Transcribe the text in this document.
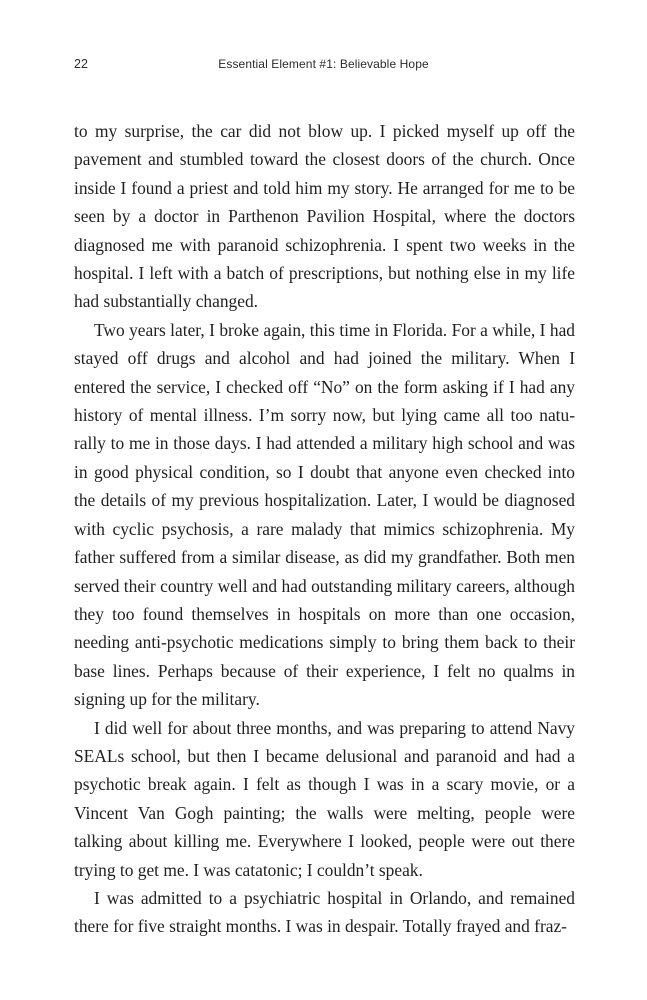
22	Essential Element #1: Believable Hope

to my surprise, the car did not blow up. I picked myself up off the pavement and stumbled toward the closest doors of the church. Once inside I found a priest and told him my story. He arranged for me to be seen by a doctor in Parthenon Pavilion Hospital, where the doctors diagnosed me with paranoid schizophrenia. I spent two weeks in the hospital. I left with a batch of prescriptions, but nothing else in my life had substantially changed.

Two years later, I broke again, this time in Florida. For a while, I had stayed off drugs and alcohol and had joined the military. When I entered the service, I checked off “No” on the form asking if I had any history of mental illness. I’m sorry now, but lying came all too naturally to me in those days. I had attended a military high school and was in good physical condition, so I doubt that anyone even checked into the details of my previous hospitalization. Later, I would be diagnosed with cyclic psychosis, a rare malady that mimics schizophrenia. My father suffered from a similar disease, as did my grandfather. Both men served their country well and had outstanding military careers, although they too found themselves in hospitals on more than one occasion, needing anti-psychotic medications simply to bring them back to their base lines. Perhaps because of their experience, I felt no qualms in signing up for the military.

I did well for about three months, and was preparing to attend Navy SEALs school, but then I became delusional and paranoid and had a psychotic break again. I felt as though I was in a scary movie, or a Vincent Van Gogh painting; the walls were melting, people were talking about killing me. Everywhere I looked, people were out there trying to get me. I was catatonic; I couldn’t speak.

I was admitted to a psychiatric hospital in Orlando, and remained there for five straight months. I was in despair. Totally frayed and fraz-
